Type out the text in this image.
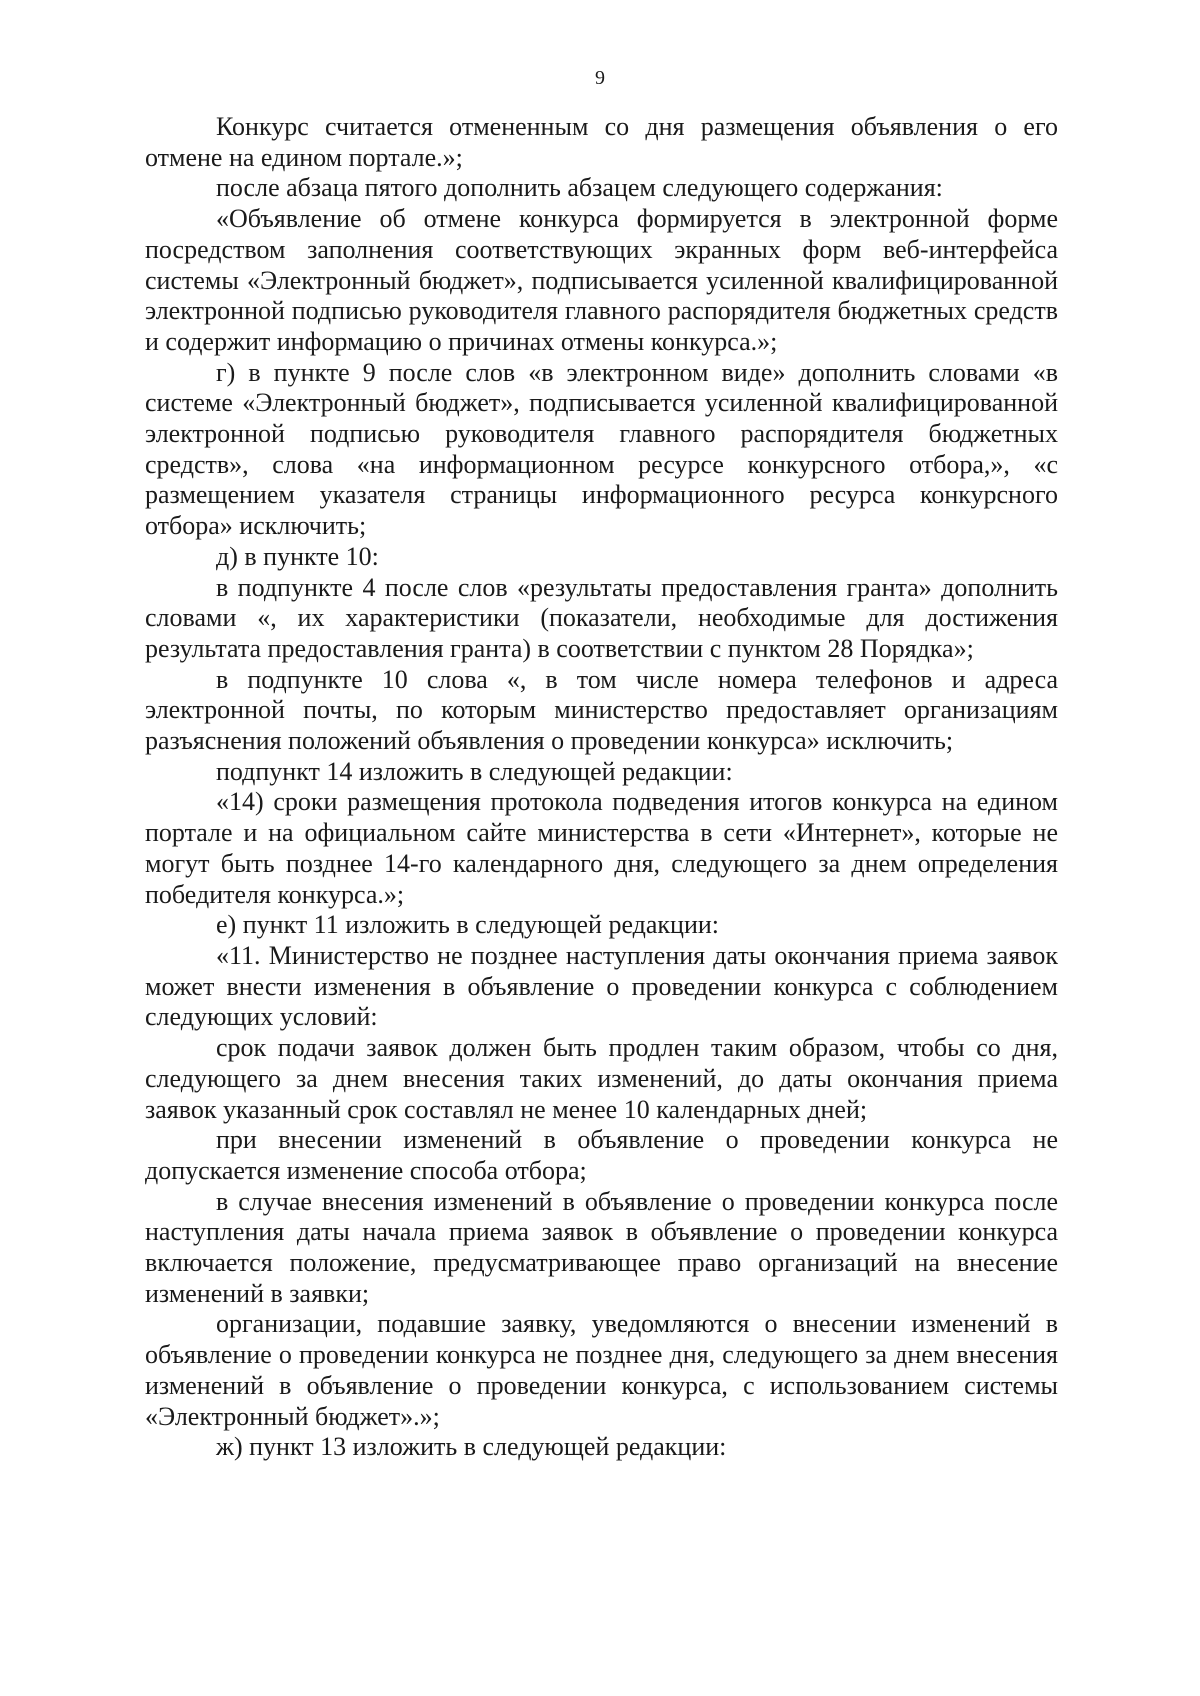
9

Конкурс считается отмененным со дня размещения объявления о его отмене на едином портале.»;

после абзаца пятого дополнить абзацем следующего содержания:

«Объявление об отмене конкурса формируется в электронной форме посредством заполнения соответствующих экранных форм веб-интерфейса системы «Электронный бюджет», подписывается усиленной квалифицированной электронной подписью руководителя главного распорядителя бюджетных средств и содержит информацию о причинах отмены конкурса.»;

г) в пункте 9 после слов «в электронном виде» дополнить словами «в системе «Электронный бюджет», подписывается усиленной квалифицированной электронной подписью руководителя главного распорядителя бюджетных средств», слова «на информационном ресурсе конкурсного отбора,», «с размещением указателя страницы информационного ресурса конкурсного отбора» исключить;

д) в пункте 10:

в подпункте 4 после слов «результаты предоставления гранта» дополнить словами «, их характеристики (показатели, необходимые для достижения результата предоставления гранта) в соответствии с пунктом 28 Порядка»;

в подпункте 10 слова «, в том числе номера телефонов и адреса электронной почты, по которым министерство предоставляет организациям разъяснения положений объявления о проведении конкурса» исключить;

подпункт 14 изложить в следующей редакции:

«14) сроки размещения протокола подведения итогов конкурса на едином портале и на официальном сайте министерства в сети «Интернет», которые не могут быть позднее 14-го календарного дня, следующего за днем определения победителя конкурса.»;

е) пункт 11 изложить в следующей редакции:

«11. Министерство не позднее наступления даты окончания приема заявок может внести изменения в объявление о проведении конкурса с соблюдением следующих условий:

срок подачи заявок должен быть продлен таким образом, чтобы со дня, следующего за днем внесения таких изменений, до даты окончания приема заявок указанный срок составлял не менее 10 календарных дней;

при внесении изменений в объявление о проведении конкурса не допускается изменение способа отбора;

в случае внесения изменений в объявление о проведении конкурса после наступления даты начала приема заявок в объявление о проведении конкурса включается положение, предусматривающее право организаций на внесение изменений в заявки;

организации, подавшие заявку, уведомляются о внесении изменений в объявление о проведении конкурса не позднее дня, следующего за днем внесения изменений в объявление о проведении конкурса, с использованием системы «Электронный бюджет».»;

ж) пункт 13 изложить в следующей редакции:
